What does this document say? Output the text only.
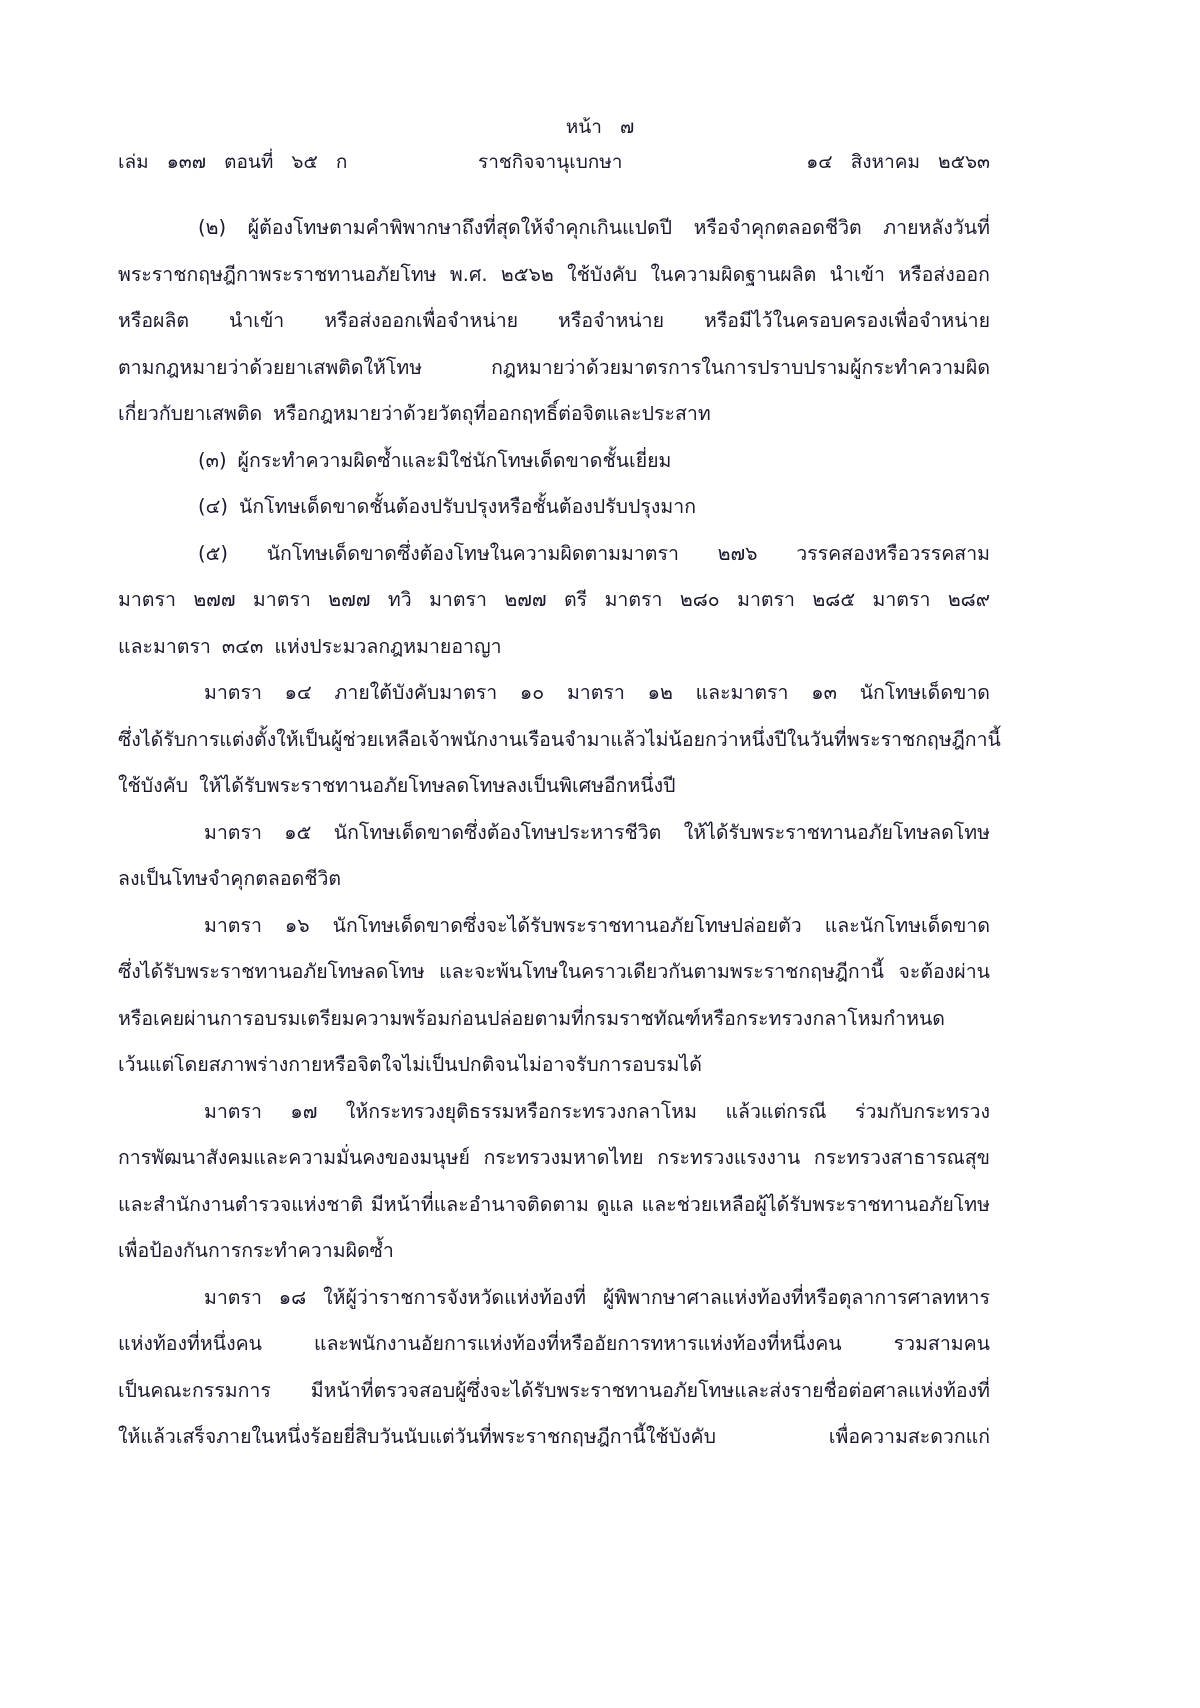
หน้า ๗
เล่ม ๑๓๗ ตอนที่ ๖๕ ก	ราชกิจจานุเบกษา	๑๔ สิงหาคม ๒๕๖๓
(๒) ผู้ต้องโทษตามคำพิพากษาถึงที่สุดให้จำคุกเกินแปดปี หรือจำคุกตลอดชีวิต ภายหลังวันที่
พระราชกฤษฎีกาพระราชทานอภัยโทษ พ.ศ. ๒๕๖๒ ใช้บังคับ ในความผิดฐานผลิต นำเข้า หรือส่งออก
หรือผลิต นำเข้า หรือส่งออกเพื่อจำหน่าย หรือจำหน่าย หรือมีไว้ในครอบครองเพื่อจำหน่าย
ตามกฎหมายว่าด้วยยาเสพติดให้โทษ	กฎหมายว่าด้วยมาตรการในการปราบปรามผู้กระทำความผิด
เกี่ยวกับยาเสพติด หรือกฎหมายว่าด้วยวัตถุที่ออกฤทธิ์ต่อจิตและประสาท
(๓) ผู้กระทำความผิดซ้ำและมิใช่นักโทษเด็ดขาดชั้นเยี่ยม
(๔) นักโทษเด็ดขาดชั้นต้องปรับปรุงหรือชั้นต้องปรับปรุงมาก
(๕) นักโทษเด็ดขาดซึ่งต้องโทษในความผิดตามมาตรา ๒๗๖ วรรคสองหรือวรรคสาม
มาตรา ๒๗๗ มาตรา ๒๗๗ ทวิ มาตรา ๒๗๗ ตรี มาตรา ๒๘๐ มาตรา ๒๘๕ มาตรา ๒๘๙
และมาตรา ๓๔๓ แห่งประมวลกฎหมายอาญา
มาตรา ๑๔ ภายใต้บังคับมาตรา ๑๐ มาตรา ๑๒ และมาตรา ๑๓ นักโทษเด็ดขาด
ซึ่งได้รับการแต่งตั้งให้เป็นผู้ช่วยเหลือเจ้าพนักงานเรือนจำมาแล้วไม่น้อยกว่าหนึ่งปีในวันที่พระราชกฤษฎีกานี้
ใช้บังคับ ให้ได้รับพระราชทานอภัยโทษลดโทษลงเป็นพิเศษอีกหนึ่งปี
มาตรา ๑๕ นักโทษเด็ดขาดซึ่งต้องโทษประหารชีวิต ให้ได้รับพระราชทานอภัยโทษลดโทษ
ลงเป็นโทษจำคุกตลอดชีวิต
มาตรา ๑๖ นักโทษเด็ดขาดซึ่งจะได้รับพระราชทานอภัยโทษปล่อยตัว และนักโทษเด็ดขาด
ซึ่งได้รับพระราชทานอภัยโทษลดโทษ และจะพ้นโทษในคราวเดียวกันตามพระราชกฤษฎีกานี้ จะต้องผ่าน
หรือเคยผ่านการอบรมเตรียมความพร้อมก่อนปล่อยตามที่กรมราชทัณฑ์หรือกระทรวงกลาโหมกำหนด
เว้นแต่โดยสภาพร่างกายหรือจิตใจไม่เป็นปกติจนไม่อาจรับการอบรมได้
มาตรา ๑๗ ให้กระทรวงยุติธรรมหรือกระทรวงกลาโหม แล้วแต่กรณี ร่วมกับกระทรวง
การพัฒนาสังคมและความมั่นคงของมนุษย์ กระทรวงมหาดไทย กระทรวงแรงงาน กระทรวงสาธารณสุข
และสำนักงานตำรวจแห่งชาติ มีหน้าที่และอำนาจติดตาม ดูแล และช่วยเหลือผู้ได้รับพระราชทานอภัยโทษ
เพื่อป้องกันการกระทำความผิดซ้ำ
มาตรา ๑๘ ให้ผู้ว่าราชการจังหวัดแห่งท้องที่ ผู้พิพากษาศาลแห่งท้องที่หรือตุลาการศาลทหาร
แห่งท้องที่หนึ่งคน	และพนักงานอัยการแห่งท้องที่หรืออัยการทหารแห่งท้องที่หนึ่งคน	รวมสามคน
เป็นคณะกรรมการ มีหน้าที่ตรวจสอบผู้ซึ่งจะได้รับพระราชทานอภัยโทษและส่งรายชื่อต่อศาลแห่งท้องที่
ให้แล้วเสร็จภายในหนึ่งร้อยยี่สิบวันนับแต่วันที่พระราชกฤษฎีกานี้ใช้บังคับ	เพื่อความสะดวกแก่
